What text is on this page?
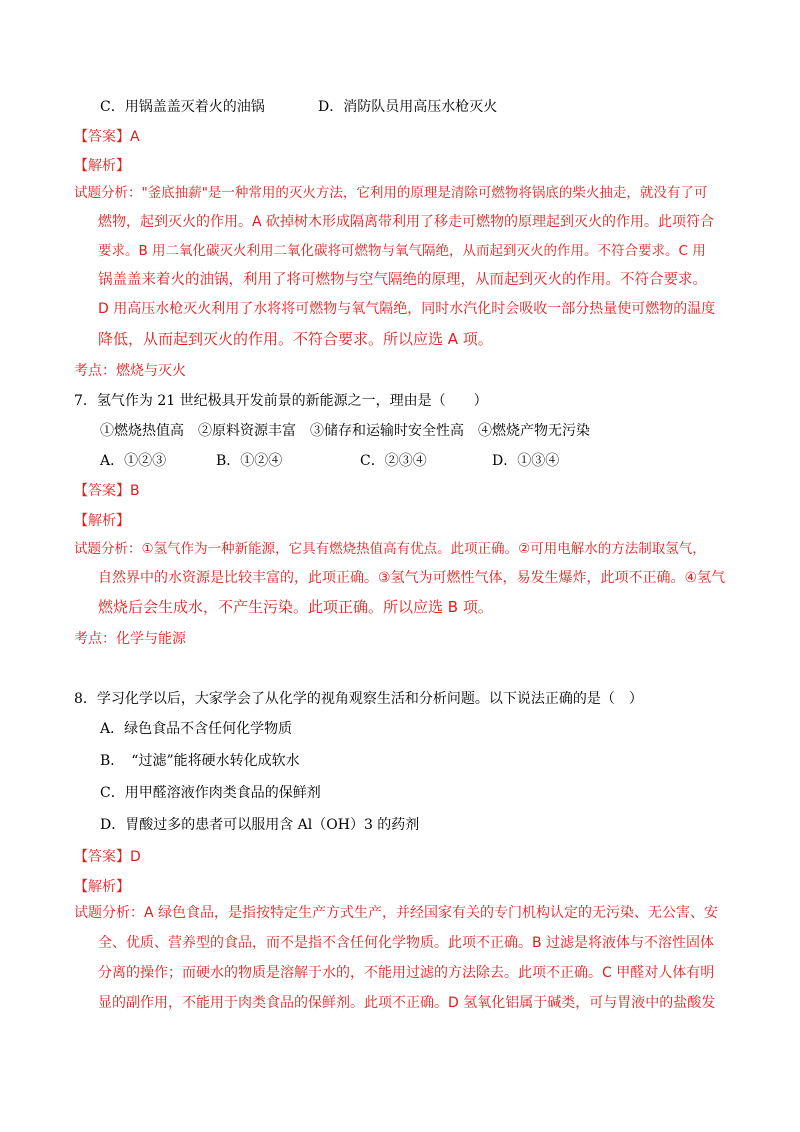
C．用锅盖盖灭着火的油锅	D．消防队员用高压水枪灭火
【答案】A
【解析】
试题分析："釜底抽薪"是一种常用的灭火方法，它利用的原理是清除可燃物将锅底的柴火抽走，就没有了可
燃物，起到灭火的作用。A 砍掉树木形成隔离带利用了移走可燃物的原理起到灭火的作用。此项符合
要求。B 用二氧化碳灭火利用二氧化碳将可燃物与氧气隔绝，从而起到灭火的作用。不符合要求。C 用
锅盖盖来着火的油锅，利用了将可燃物与空气隔绝的原理，从而起到灭火的作用。不符合要求。
D 用高压水枪灭火利用了水将将可燃物与氧气隔绝，同时水汽化时会吸收一部分热量使可燃物的温度
降低，从而起到灭火的作用。不符合要求。所以应选 A 项。
考点：燃烧与灭火
7．氢气作为 21 世纪极具开发前景的新能源之一，理由是（　　）
①燃烧热值高　②原料资源丰富　③储存和运输时安全性高　④燃烧产物无污染
A．①②③	B．①②④	C．②③④	D．①③④
【答案】B
【解析】
试题分析：①氢气作为一种新能源，它具有燃烧热值高有优点。此项正确。②可用电解水的方法制取氢气，
自然界中的水资源是比较丰富的，此项正确。③氢气为可燃性气体，易发生爆炸，此项不正确。④氢气
燃烧后会生成水，不产生污染。此项正确。所以应选 B 项。
考点：化学与能源
8．学习化学以后，大家学会了从化学的视角观察生活和分析问题。以下说法正确的是（　）
A．绿色食品不含任何化学物质
B．　“过滤”能将硬水转化成软水
C．用甲醛溶液作肉类食品的保鲜剂
D．胃酸过多的患者可以服用含 Al（OH）3 的药剂
【答案】D
【解析】
试题分析：A 绿色食品，是指按特定生产方式生产，并经国家有关的专门机构认定的无污染、无公害、安
全、优质、营养型的食品，而不是指不含任何化学物质。此项不正确。B 过滤是将液体与不溶性固体
分离的操作；而硬水的物质是溶解于水的，不能用过滤的方法除去。此项不正确。C 甲醛对人体有明
显的副作用，不能用于肉类食品的保鲜剂。此项不正确。D 氢氧化铝属于碱类，可与胃液中的盐酸发
